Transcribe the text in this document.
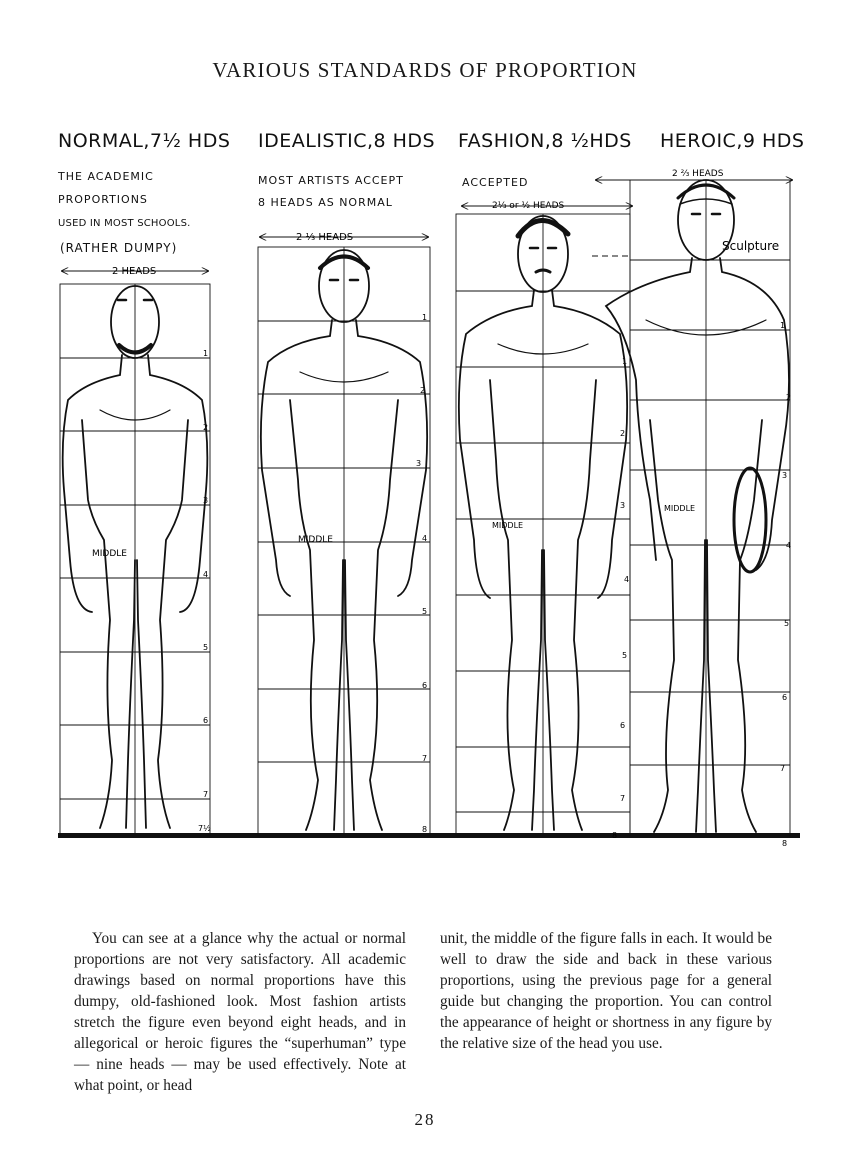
VARIOUS STANDARDS OF PROPORTION
NORMAL,7½ HDS IDEALISTIC,8 HDS FASHION,8 ½HDS HEROIC,9 HDS
THE ACADEMIC
PROPORTIONS
USED IN MOST SCHOOLS.
(RATHER DUMPY)
MOST ARTISTS ACCEPT
8 HEADS AS NORMAL
ACCEPTED
2 HEADS
MIDDLE
1
2
3
4
5
6
7
7½
2 ⅓ HEADS
MIDDLE
1
2
3
4
5
6
7
8
2⅓ or ½ HEADS
MIDDLE
1
2
3
4
5
6
7
8
2 ⅔ HEADS
Sculpture
MIDDLE
1
2
3
4
5
6
7
8

You can see at a glance why the actual or normal proportions are not very satisfactory. All academic drawings based on normal proportions have this dumpy, old-fashioned look. Most fashion artists stretch the figure even beyond eight heads, and in allegorical or heroic figures the “superhuman” type — nine heads — may be used effectively. Note at what point, or head

unit, the middle of the figure falls in each. It would be well to draw the side and back in these various proportions, using the previous page for a general guide but changing the proportion. You can control the appearance of height or shortness in any figure by the relative size of the head you use.

28
